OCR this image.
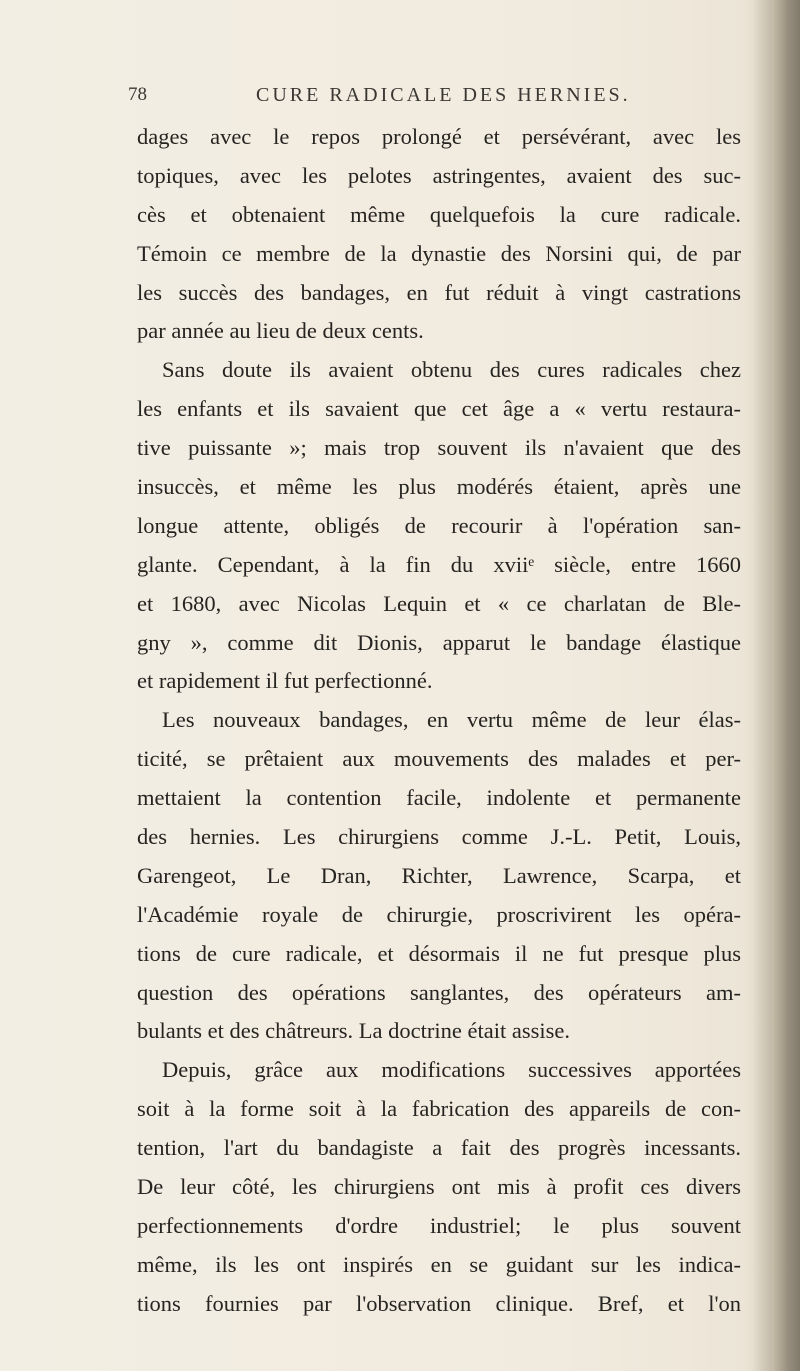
78	CURE RADICALE DES HERNIES.
dages avec le repos prolongé et persévérant, avec les
topiques, avec les pelotes astringentes, avaient des suc-
cès et obtenaient même quelquefois la cure radicale.
Témoin ce membre de la dynastie des Norsini qui, de par
les succès des bandages, en fut réduit à vingt castrations
par année au lieu de deux cents.
Sans doute ils avaient obtenu des cures radicales chez
les enfants et ils savaient que cet âge a « vertu restaura-
tive puissante »; mais trop souvent ils n'avaient que des
insuccès, et même les plus modérés étaient, après une
longue attente, obligés de recourir à l'opération san-
glante. Cependant, à la fin du xviiᵉ siècle, entre 1660
et 1680, avec Nicolas Lequin et « ce charlatan de Ble-
gny », comme dit Dionis, apparut le bandage élastique
et rapidement il fut perfectionné.
Les nouveaux bandages, en vertu même de leur élas-
ticité, se prêtaient aux mouvements des malades et per-
mettaient la contention facile, indolente et permanente
des hernies. Les chirurgiens comme J.-L. Petit, Louis,
Garengeot, Le Dran, Richter, Lawrence, Scarpa, et
l'Académie royale de chirurgie, proscrivirent les opéra-
tions de cure radicale, et désormais il ne fut presque plus
question des opérations sanglantes, des opérateurs am-
bulants et des châtreurs. La doctrine était assise.
Depuis, grâce aux modifications successives apportées
soit à la forme soit à la fabrication des appareils de con-
tention, l'art du bandagiste a fait des progrès incessants.
De leur côté, les chirurgiens ont mis à profit ces divers
perfectionnements d'ordre industriel; le plus souvent
même, ils les ont inspirés en se guidant sur les indica-
tions fournies par l'observation clinique. Bref, et l'on
